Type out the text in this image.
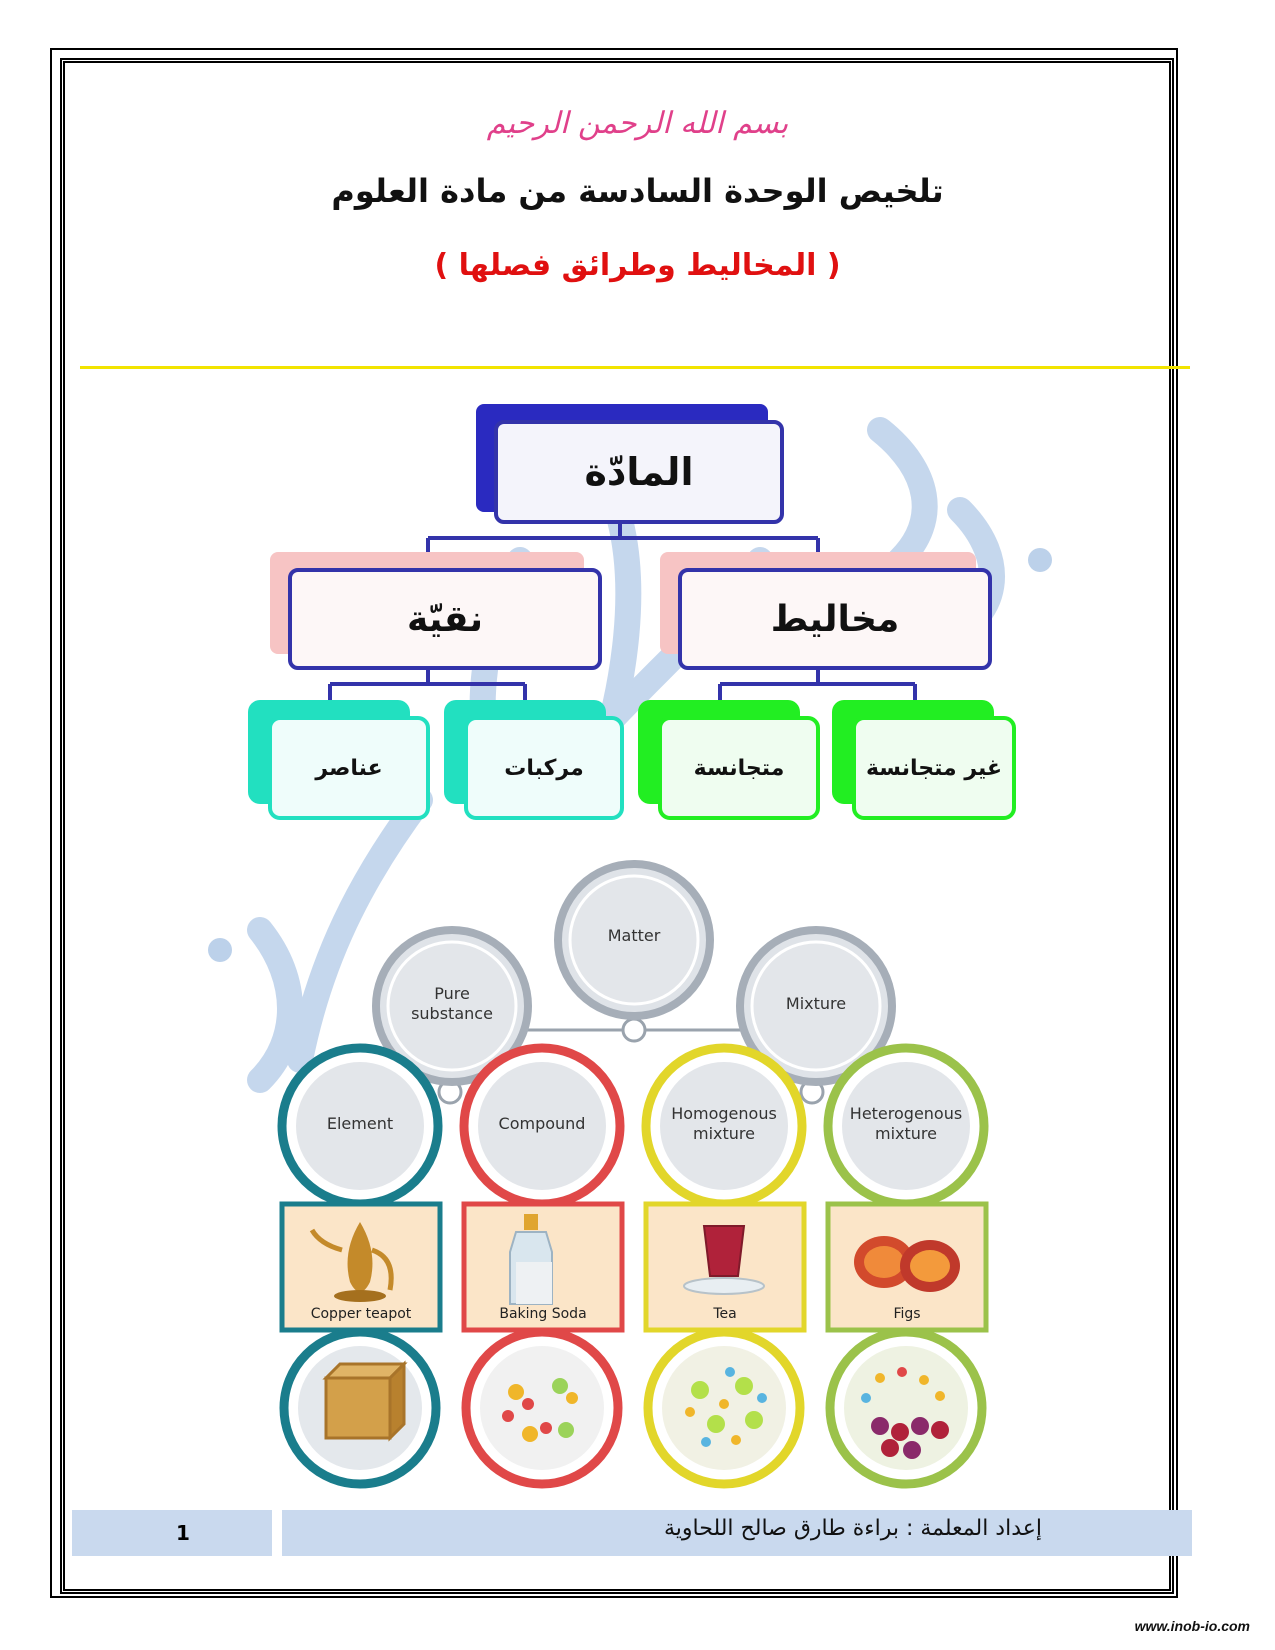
بسم الله الرحمن الرحيم
تلخيص الوحدة السادسة من مادة العلوم
( المخاليط وطرائق فصلها )
المادّة
مخاليط
نقيّة
غير متجانسة
متجانسة
مركبات
عناصر
Matter
Pure substance
Mixture
Element	Compound
Homogenous mixture
Heterogenous mixture
Copper teapot	Baking Soda	Tea	Figs
1	إعداد المعلمة : براءة طارق صالح اللحاوية
www.inob-io.com
